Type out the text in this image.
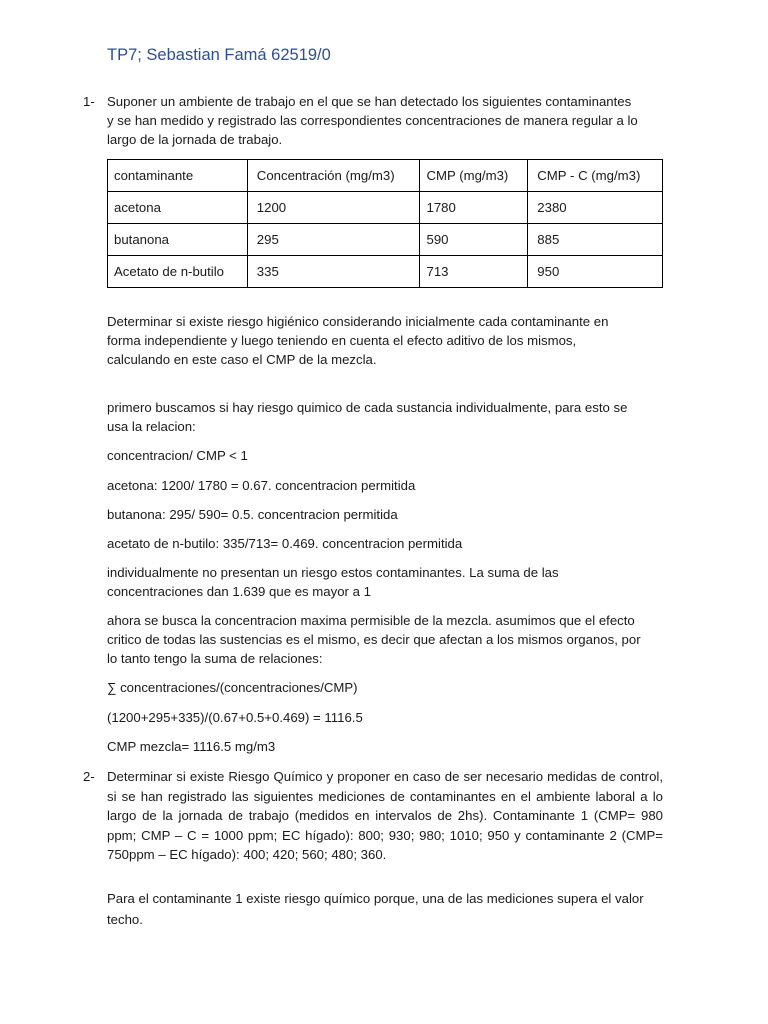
TP7; Sebastian Famá 62519/0
1- Suponer un ambiente de trabajo en el que se han detectado los siguientes contaminantes
y se han medido y registrado las correspondientes concentraciones de manera regular a lo
largo de la jornada de trabajo.
contaminante	Concentración (mg/m3)	CMP (mg/m3)	CMP - C (mg/m3)
acetona	1200	1780	2380
butanona	295	590	885
Acetato de n-butilo	335	713	950
Determinar si existe riesgo higiénico considerando inicialmente cada contaminante en
forma independiente y luego teniendo en cuenta el efecto aditivo de los mismos,
calculando en este caso el CMP de la mezcla.
primero buscamos si hay riesgo quimico de cada sustancia individualmente, para esto se
usa la relacion:
concentracion/ CMP < 1
acetona: 1200/ 1780 = 0.67. concentracion permitida
butanona: 295/ 590= 0.5. concentracion permitida
acetato de n-butilo: 335/713= 0.469. concentracion permitida
individualmente no presentan un riesgo estos contaminantes. La suma de las
concentraciones dan 1.639 que es mayor a 1
ahora se busca la concentracion maxima permisible de la mezcla. asumimos que el efecto
critico de todas las sustencias es el mismo, es decir que afectan a los mismos organos, por
lo tanto tengo la suma de relaciones:
∑ concentraciones/(concentraciones/CMP)
(1200+295+335)/(0.67+0.5+0.469) = 1116.5
CMP mezcla= 1116.5 mg/m3
2- Determinar si existe Riesgo Químico y proponer en caso de ser necesario medidas de control, si se han registrado las siguientes mediciones de contaminantes en el ambiente laboral a lo largo de la jornada de trabajo (medidos en intervalos de 2hs). Contaminante 1 (CMP= 980 ppm; CMP – C = 1000 ppm; EC hígado): 800; 930; 980; 1010; 950 y contaminante 2 (CMP= 750ppm – EC hígado): 400; 420; 560; 480; 360.
Para el contaminante 1 existe riesgo químico porque, una de las mediciones supera el valor
techo.
